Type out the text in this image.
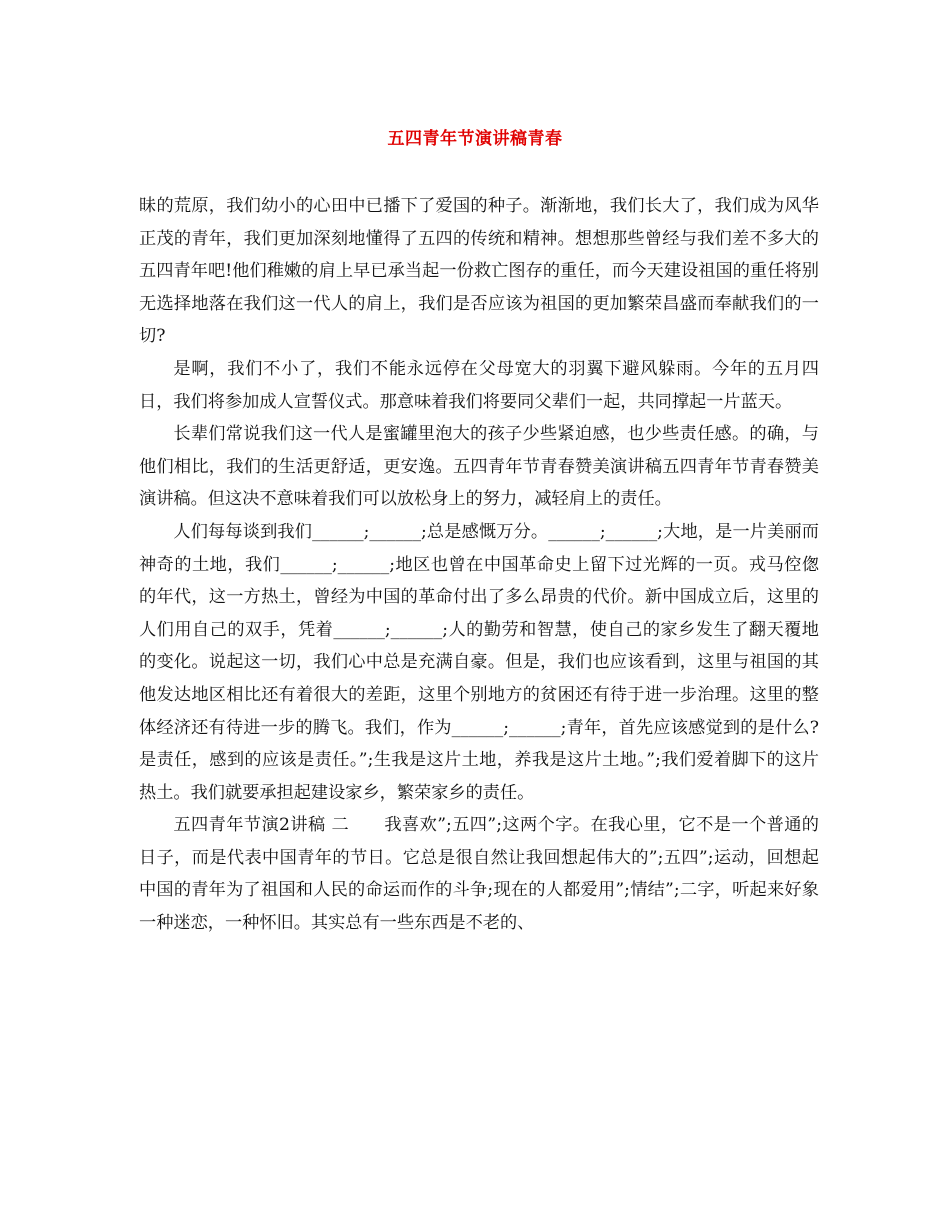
五四青年节演讲稿青春

昧的荒原，我们幼小的心田中已播下了爱国的种子。渐渐地，我们长大了，我们成为风华正茂的青年，我们更加深刻地懂得了五四的传统和精神。想想那些曾经与我们差不多大的五四青年吧!他们稚嫩的肩上早已承当起一份救亡图存的重任，而今天建设祖国的重任将别无选择地落在我们这一代人的肩上，我们是否应该为祖国的更加繁荣昌盛而奉献我们的一切?

是啊，我们不小了，我们不能永远停在父母宽大的羽翼下避风躲雨。今年的五月四日，我们将参加成人宣誓仪式。那意味着我们将要同父辈们一起，共同撑起一片蓝天。

长辈们常说我们这一代人是蜜罐里泡大的孩子少些紧迫感，也少些责任感。的确，与他们相比，我们的生活更舒适，更安逸。五四青年节青春赞美演讲稿五四青年节青春赞美演讲稿。但这决不意味着我们可以放松身上的努力，减轻肩上的责任。

人们每每谈到我们______;______;总是感慨万分。______;______;大地，是一片美丽而神奇的土地，我们______;______;地区也曾在中国革命史上留下过光辉的一页。戎马倥偬的年代，这一方热土，曾经为中国的革命付出了多么昂贵的代价。新中国成立后，这里的人们用自己的双手，凭着______;______;人的勤劳和智慧，使自己的家乡发生了翻天覆地的变化。说起这一切，我们心中总是充满自豪。但是，我们也应该看到，这里与祖国的其他发达地区相比还有着很大的差距，这里个别地方的贫困还有待于进一步治理。这里的整体经济还有待进一步的腾飞。我们，作为______;______;青年，首先应该感觉到的是什么?是责任，感到的应该是责任。”;生我是这片土地，养我是这片土地。”;我们爱着脚下的这片热土。我们就要承担起建设家乡，繁荣家乡的责任。

五四青年节演2讲稿 二　　我喜欢”;五四”;这两个字。在我心里，它不是一个普通的日子，而是代表中国青年的节日。它总是很自然让我回想起伟大的”;五四”;运动，回想起中国的青年为了祖国和人民的命运而作的斗争;现在的人都爱用”;情结”;二字，听起来好象一种迷恋，一种怀旧。其实总有一些东西是不老的、
